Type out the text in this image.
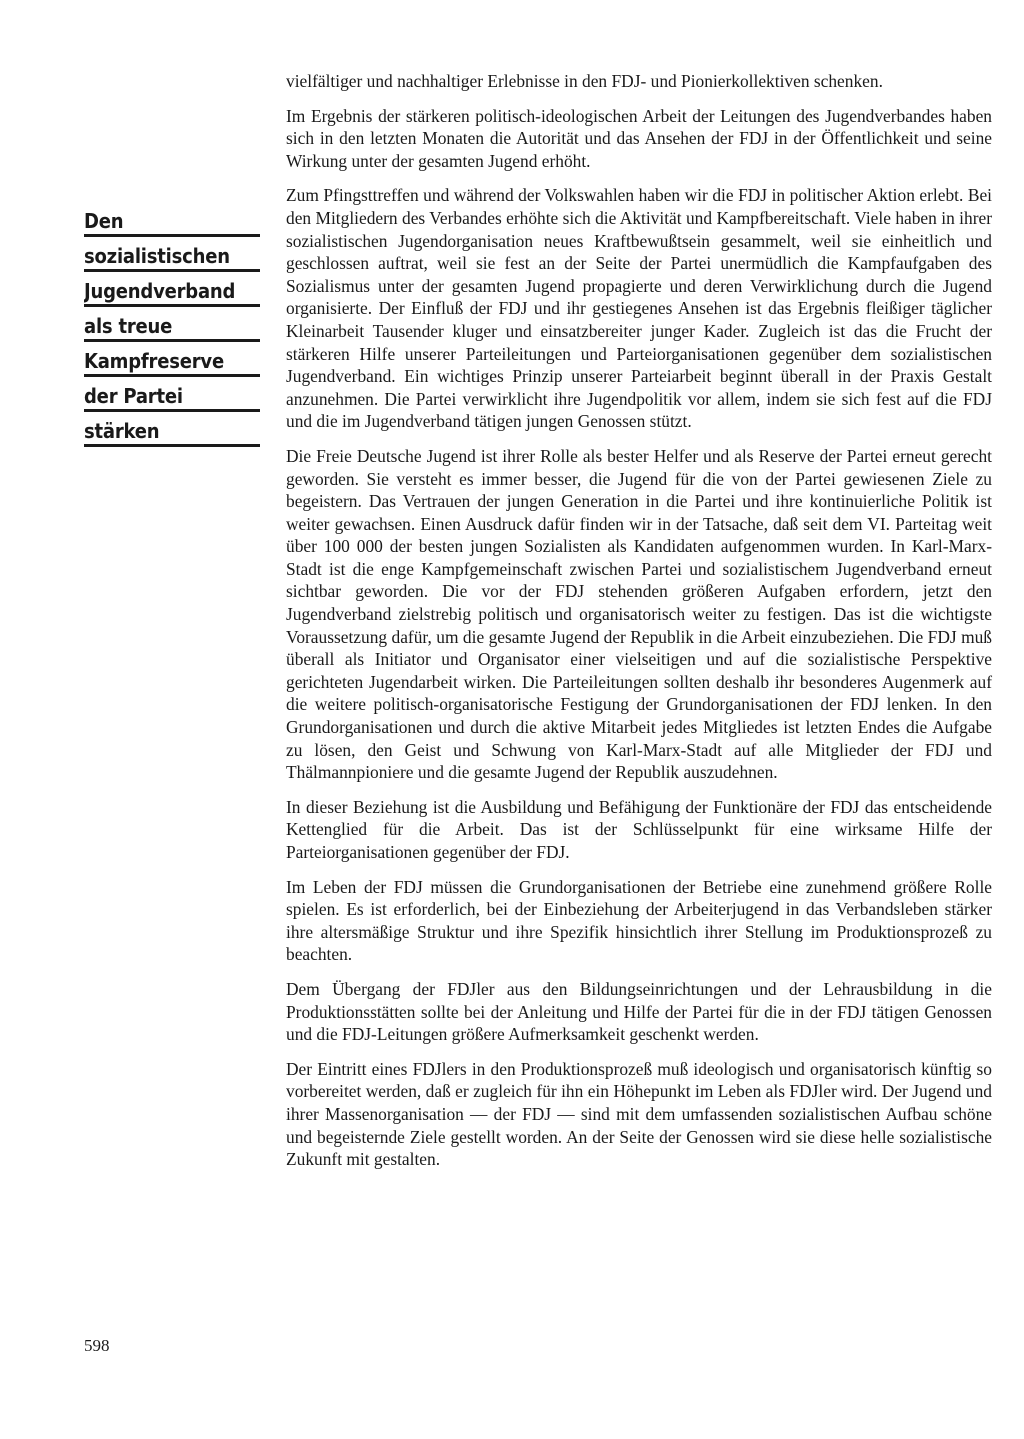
Den
sozialistischen
Jugendverband
als treue
Kampfreserve
der Partei
stärken

vielfältiger und nachhaltiger Erlebnisse in den FDJ- und Pionierkollektiven schenken.

Im Ergebnis der stärkeren politisch-ideologischen Arbeit der Leitungen des Jugendverbandes haben sich in den letzten Monaten die Autorität und das Ansehen der FDJ in der Öffentlichkeit und seine Wirkung unter der gesamten Jugend erhöht.

Zum Pfingsttreffen und während der Volkswahlen haben wir die FDJ in politischer Aktion erlebt. Bei den Mitgliedern des Verbandes erhöhte sich die Aktivität und Kampfbereitschaft. Viele haben in ihrer sozialistischen Jugendorganisation neues Kraftbewußtsein gesammelt, weil sie einheitlich und geschlossen auftrat, weil sie fest an der Seite der Partei unermüdlich die Kampfaufgaben des Sozialismus unter der gesamten Jugend propagierte und deren Verwirklichung durch die Jugend organisierte. Der Einfluß der FDJ und ihr gestiegenes Ansehen ist das Ergebnis fleißiger täglicher Kleinarbeit Tausender kluger und einsatzbereiter junger Kader. Zugleich ist das die Frucht der stärkeren Hilfe unserer Parteileitungen und Parteiorganisationen gegenüber dem sozialistischen Jugendverband. Ein wichtiges Prinzip unserer Parteiarbeit beginnt überall in der Praxis Gestalt anzunehmen. Die Partei verwirklicht ihre Jugendpolitik vor allem, indem sie sich fest auf die FDJ und die im Jugendverband tätigen jungen Genossen stützt.

Die Freie Deutsche Jugend ist ihrer Rolle als bester Helfer und als Reserve der Partei erneut gerecht geworden. Sie versteht es immer besser, die Jugend für die von der Partei gewiesenen Ziele zu begeistern. Das Vertrauen der jungen Generation in die Partei und ihre kontinuierliche Politik ist weiter gewachsen. Einen Ausdruck dafür finden wir in der Tatsache, daß seit dem VI. Parteitag weit über 100 000 der besten jungen Sozialisten als Kandidaten aufgenommen wurden. In Karl-Marx-Stadt ist die enge Kampfgemeinschaft zwischen Partei und sozialistischem Jugendverband erneut sichtbar geworden. Die vor der FDJ stehenden größeren Aufgaben erfordern, jetzt den Jugendverband zielstrebig politisch und organisatorisch weiter zu festigen. Das ist die wichtigste Voraussetzung dafür, um die gesamte Jugend der Republik in die Arbeit einzubeziehen. Die FDJ muß überall als Initiator und Organisator einer vielseitigen und auf die sozialistische Perspektive gerichteten Jugendarbeit wirken. Die Parteileitungen sollten deshalb ihr besonderes Augenmerk auf die weitere politisch-organisatorische Festigung der Grundorganisationen der FDJ lenken. In den Grundorganisationen und durch die aktive Mitarbeit jedes Mitgliedes ist letzten Endes die Aufgabe zu lösen, den Geist und Schwung von Karl-Marx-Stadt auf alle Mitglieder der FDJ und Thälmannpioniere und die gesamte Jugend der Republik auszudehnen.

In dieser Beziehung ist die Ausbildung und Befähigung der Funktionäre der FDJ das entscheidende Kettenglied für die Arbeit. Das ist der Schlüsselpunkt für eine wirksame Hilfe der Parteiorganisationen gegenüber der FDJ.

Im Leben der FDJ müssen die Grundorganisationen der Betriebe eine zunehmend größere Rolle spielen. Es ist erforderlich, bei der Einbeziehung der Arbeiterjugend in das Verbandsleben stärker ihre altersmäßige Struktur und ihre Spezifik hinsichtlich ihrer Stellung im Produktionsprozeß zu beachten.

Dem Übergang der FDJler aus den Bildungseinrichtungen und der Lehrausbildung in die Produktionsstätten sollte bei der Anleitung und Hilfe der Partei für die in der FDJ tätigen Genossen und die FDJ-Leitungen größere Aufmerksamkeit geschenkt werden.

Der Eintritt eines FDJlers in den Produktionsprozeß muß ideologisch und organisatorisch künftig so vorbereitet werden, daß er zugleich für ihn ein Höhepunkt im Leben als FDJler wird. Der Jugend und ihrer Massenorganisation — der FDJ — sind mit dem umfassenden sozialistischen Aufbau schöne und begeisternde Ziele gestellt worden. An der Seite der Genossen wird sie diese helle sozialistische Zukunft mit gestalten.

598
